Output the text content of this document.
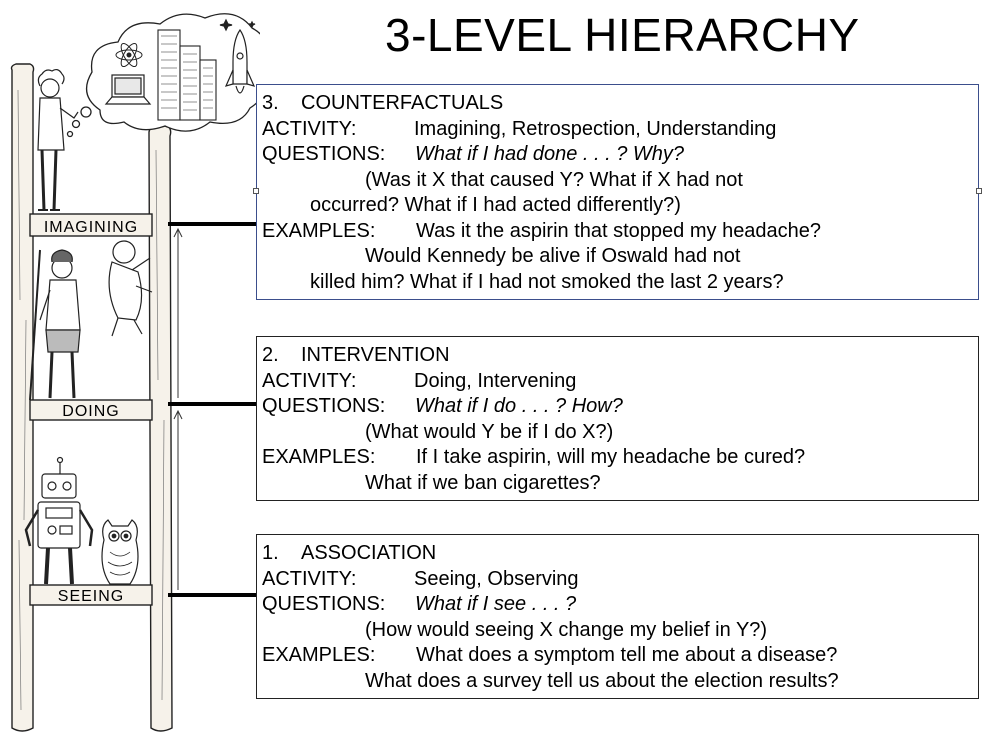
3-LEVEL HIERARCHY
IMAGINING
DOING
SEEING
3. COUNTERFACTUALS
ACTIVITY:	Imagining, Retrospection, Understanding
QUESTIONS: What if I had done . . . ? Why?
(Was it X that caused Y? What if X had not
occurred? What if I had acted differently?)
EXAMPLES: Was it the aspirin that stopped my headache?
Would Kennedy be alive if Oswald had not
killed him? What if I had not smoked the last 2 years?
2. INTERVENTION
ACTIVITY:	Doing, Intervening
QUESTIONS: What if I do . . . ? How?
(What would Y be if I do X?)
EXAMPLES: If I take aspirin, will my headache be cured?
What if we ban cigarettes?
1. ASSOCIATION
ACTIVITY:	Seeing, Observing
QUESTIONS: What if I see . . . ?
(How would seeing X change my belief in Y?)
EXAMPLES: What does a symptom tell me about a disease?
What does a survey tell us about the election results?
